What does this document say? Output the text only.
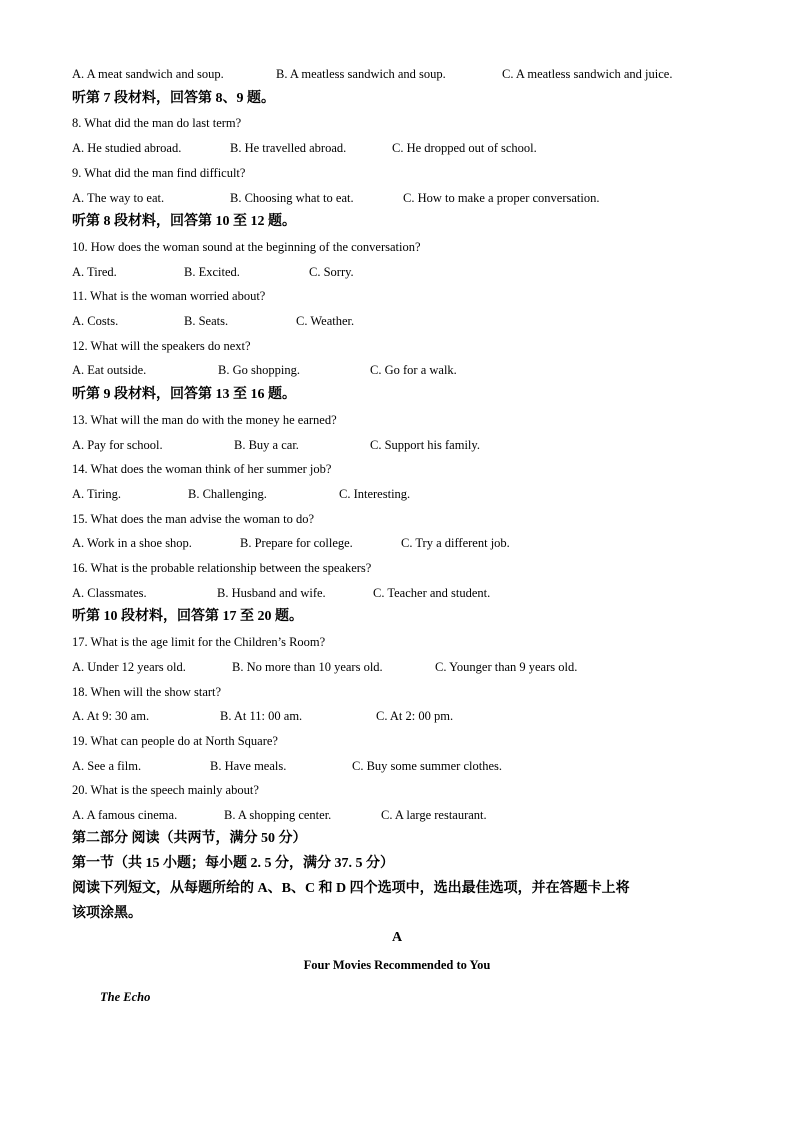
A. A meat sandwich and soup.	B. A meatless sandwich and soup.	C. A meatless sandwich and juice.
听第 7 段材料，回答第 8、9 题。
8. What did the man do last term?
A. He studied abroad.	B. He travelled abroad.	C. He dropped out of school.
9. What did the man find difficult?
A. The way to eat.	B. Choosing what to eat.	C. How to make a proper conversation.
听第 8 段材料，回答第 10 至 12 题。
10. How does the woman sound at the beginning of the conversation?
A. Tired.	B. Excited.	C. Sorry.
11. What is the woman worried about?
A. Costs.	B. Seats.	C. Weather.
12. What will the speakers do next?
A. Eat outside.	B. Go shopping.	C. Go for a walk.
听第 9 段材料，回答第 13 至 16 题。
13. What will the man do with the money he earned?
A. Pay for school.	B. Buy a car.	C. Support his family.
14. What does the woman think of her summer job?
A. Tiring.	B. Challenging.	C. Interesting.
15. What does the man advise the woman to do?
A. Work in a shoe shop.	B. Prepare for college.	C. Try a different job.
16. What is the probable relationship between the speakers?
A. Classmates.	B. Husband and wife.	C. Teacher and student.
听第 10 段材料，回答第 17 至 20 题。
17. What is the age limit for the Children’s Room?
A. Under 12 years old.	B. No more than 10 years old.	C. Younger than 9 years old.
18. When will the show start?
A. At 9: 30 am.	B. At 11: 00 am.	C. At 2: 00 pm.
19. What can people do at North Square?
A. See a film.	B. Have meals.	C. Buy some summer clothes.
20. What is the speech mainly about?
A. A famous cinema.	B. A shopping center.	C. A large restaurant.
第二部分 阅读（共两节，满分 50 分）
第一节（共 15 小题；每小题 2. 5 分，满分 37. 5 分）
阅读下列短文，从每题所给的 A、B、C 和 D 四个选项中，选出最佳选项，并在答题卡上将
该项涂黑。
A
Four Movies Recommended to You
The Echo
